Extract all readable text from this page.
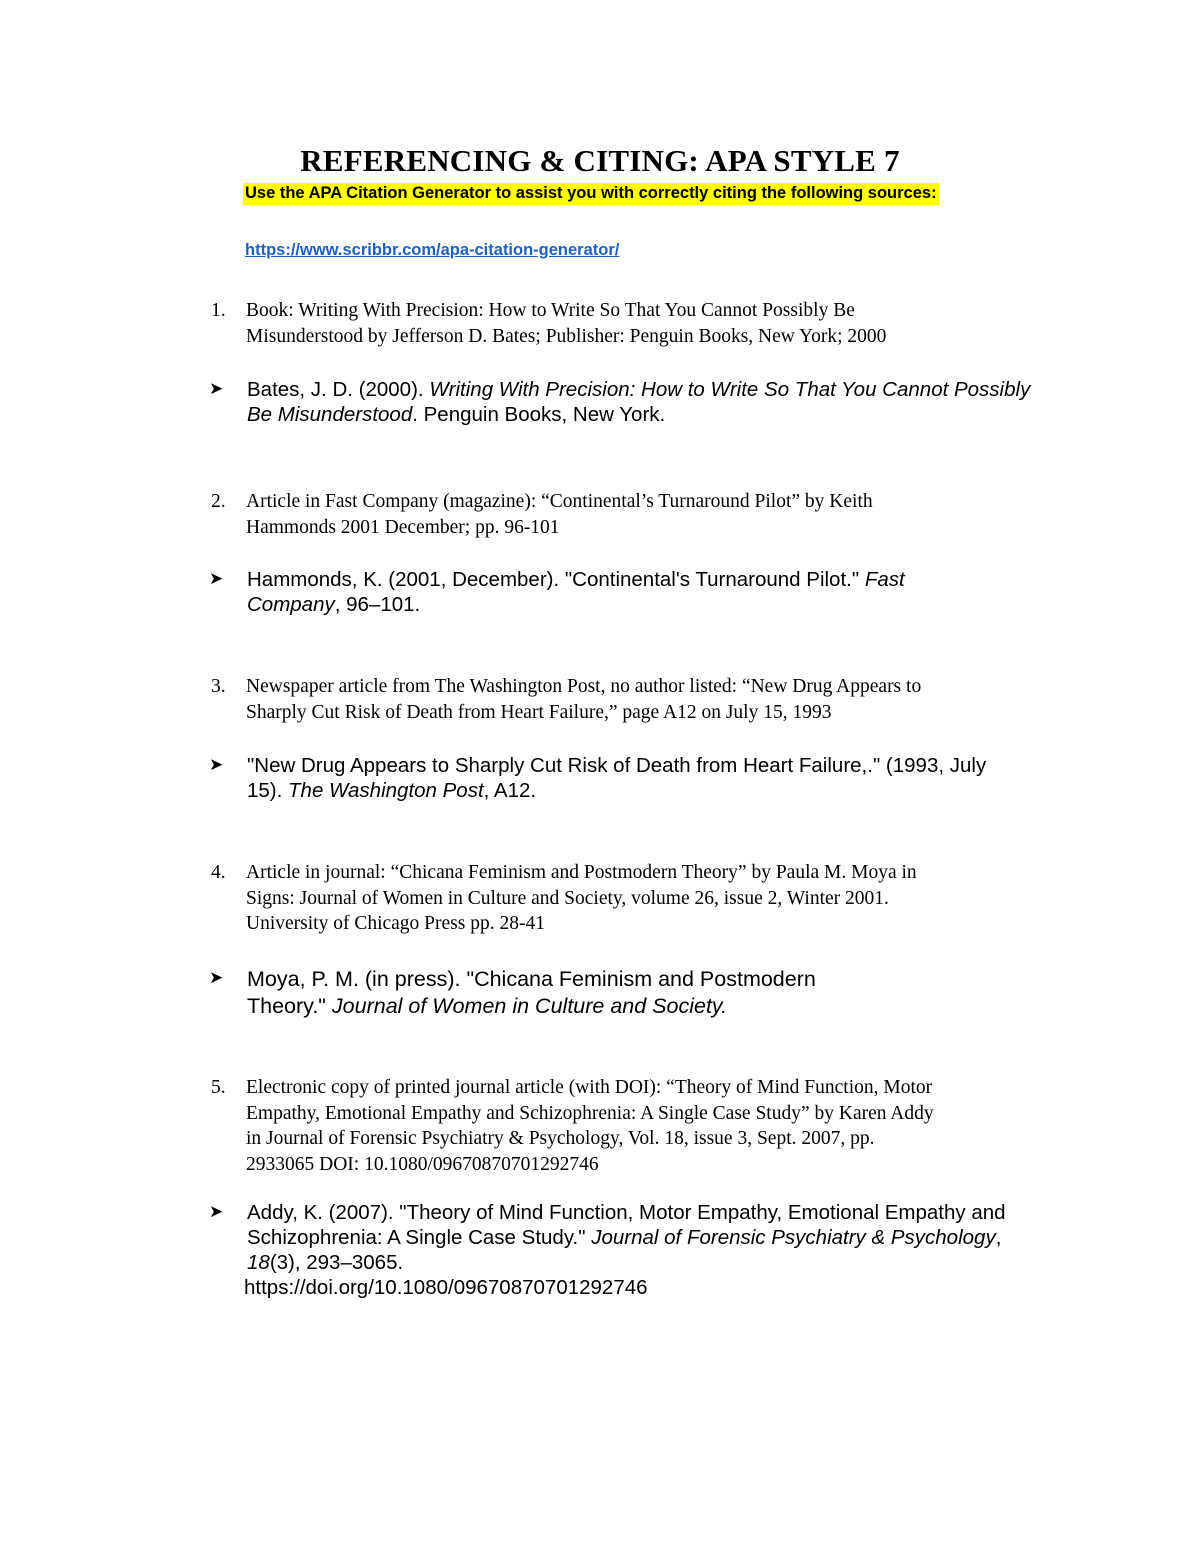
REFERENCING & CITING: APA STYLE 7
Use the APA Citation Generator to assist you with correctly citing the following sources:
https://www.scribbr.com/apa-citation-generator/
1. Book: Writing With Precision: How to Write So That You Cannot Possibly Be
Misunderstood by Jefferson D. Bates; Publisher: Penguin Books, New York; 2000
➤ Bates, J. D. (2000). Writing With Precision: How to Write So That You Cannot Possibly Be Misunderstood. Penguin Books, New York.
2. Article in Fast Company (magazine): “Continental’s Turnaround Pilot” by Keith
Hammonds 2001 December; pp. 96-101
➤ Hammonds, K. (2001, December). "Continental's Turnaround Pilot." Fast Company, 96–101.
3. Newspaper article from The Washington Post, no author listed: “New Drug Appears to
Sharply Cut Risk of Death from Heart Failure,” page A12 on July 15, 1993
➤ "New Drug Appears to Sharply Cut Risk of Death from Heart Failure,." (1993, July 15). The Washington Post, A12.
4. Article in journal: “Chicana Feminism and Postmodern Theory” by Paula M. Moya in
Signs: Journal of Women in Culture and Society, volume 26, issue 2, Winter 2001.
University of Chicago Press pp. 28-41
➤ Moya, P. M. (in press). "Chicana Feminism and Postmodern Theory." Journal of Women in Culture and Society.
5. Electronic copy of printed journal article (with DOI): “Theory of Mind Function, Motor
Empathy, Emotional Empathy and Schizophrenia: A Single Case Study” by Karen Addy
in Journal of Forensic Psychiatry & Psychology, Vol. 18, issue 3, Sept. 2007, pp.
2933065 DOI: 10.1080/09670870701292746
➤ Addy, K. (2007). "Theory of Mind Function, Motor Empathy, Emotional Empathy and Schizophrenia: A Single Case Study." Journal of Forensic Psychiatry & Psychology, 18(3), 293–3065.
https://doi.org/10.1080/09670870701292746
